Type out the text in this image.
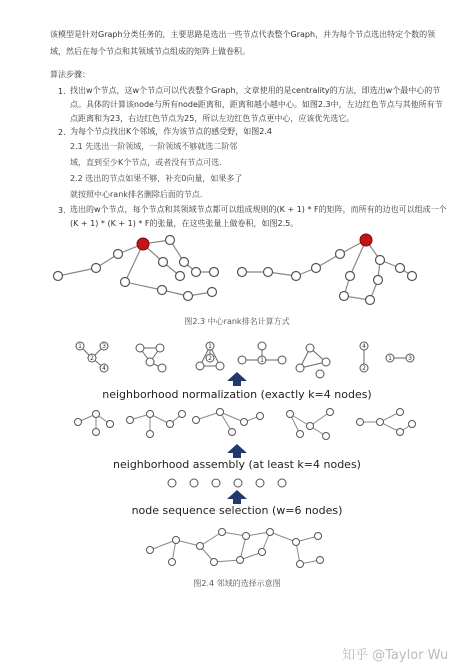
该模型是针对Graph分类任务的，主要思路是选出一些节点代表整个Graph，并为每个节点选出特定个数的领域，然后在每个节点和其领域节点组成的矩阵上做卷积。
算法步骤：
1. 找出w个节点，这w个节点可以代表整个Graph，文章使用的是centrality的方法，即选出w个最中心的节点。具体的计算该node与所有node距离和，距离和越小越中心。如图2.3中，左边红色节点与其他所有节点距离和为23，右边红色节点为25，所以左边红色节点更中心，应该优先选它。
2. 为每个节点找出K个邻域，作为该节点的感受野，如图2.4
2.1 先选出一阶领域，一阶领域不够就选二阶邻
域，直到至少K个节点，或者没有节点可选.
2.2 选出的节点如果不够，补充0向量，如果多了
就按照中心rank排名删除后面的节点.
3. 选出的w个节点，每个节点和其领域节点都可以组成规则的(K + 1) * F的矩阵，而所有的边也可以组成一个(K + 1) * (K + 1) * F的张量，在这些张量上做卷积，如图2.5。
图2.3 中心rank排名计算方式
1
2
3
4
1
2	1
4
2
1	3
neighborhood normalization (exactly k=4 nodes)
neighborhood assembly (at least k=4 nodes)
node sequence selection (w=6 nodes)
图2.4 邻域的选择示意图
知乎 @Taylor Wu
